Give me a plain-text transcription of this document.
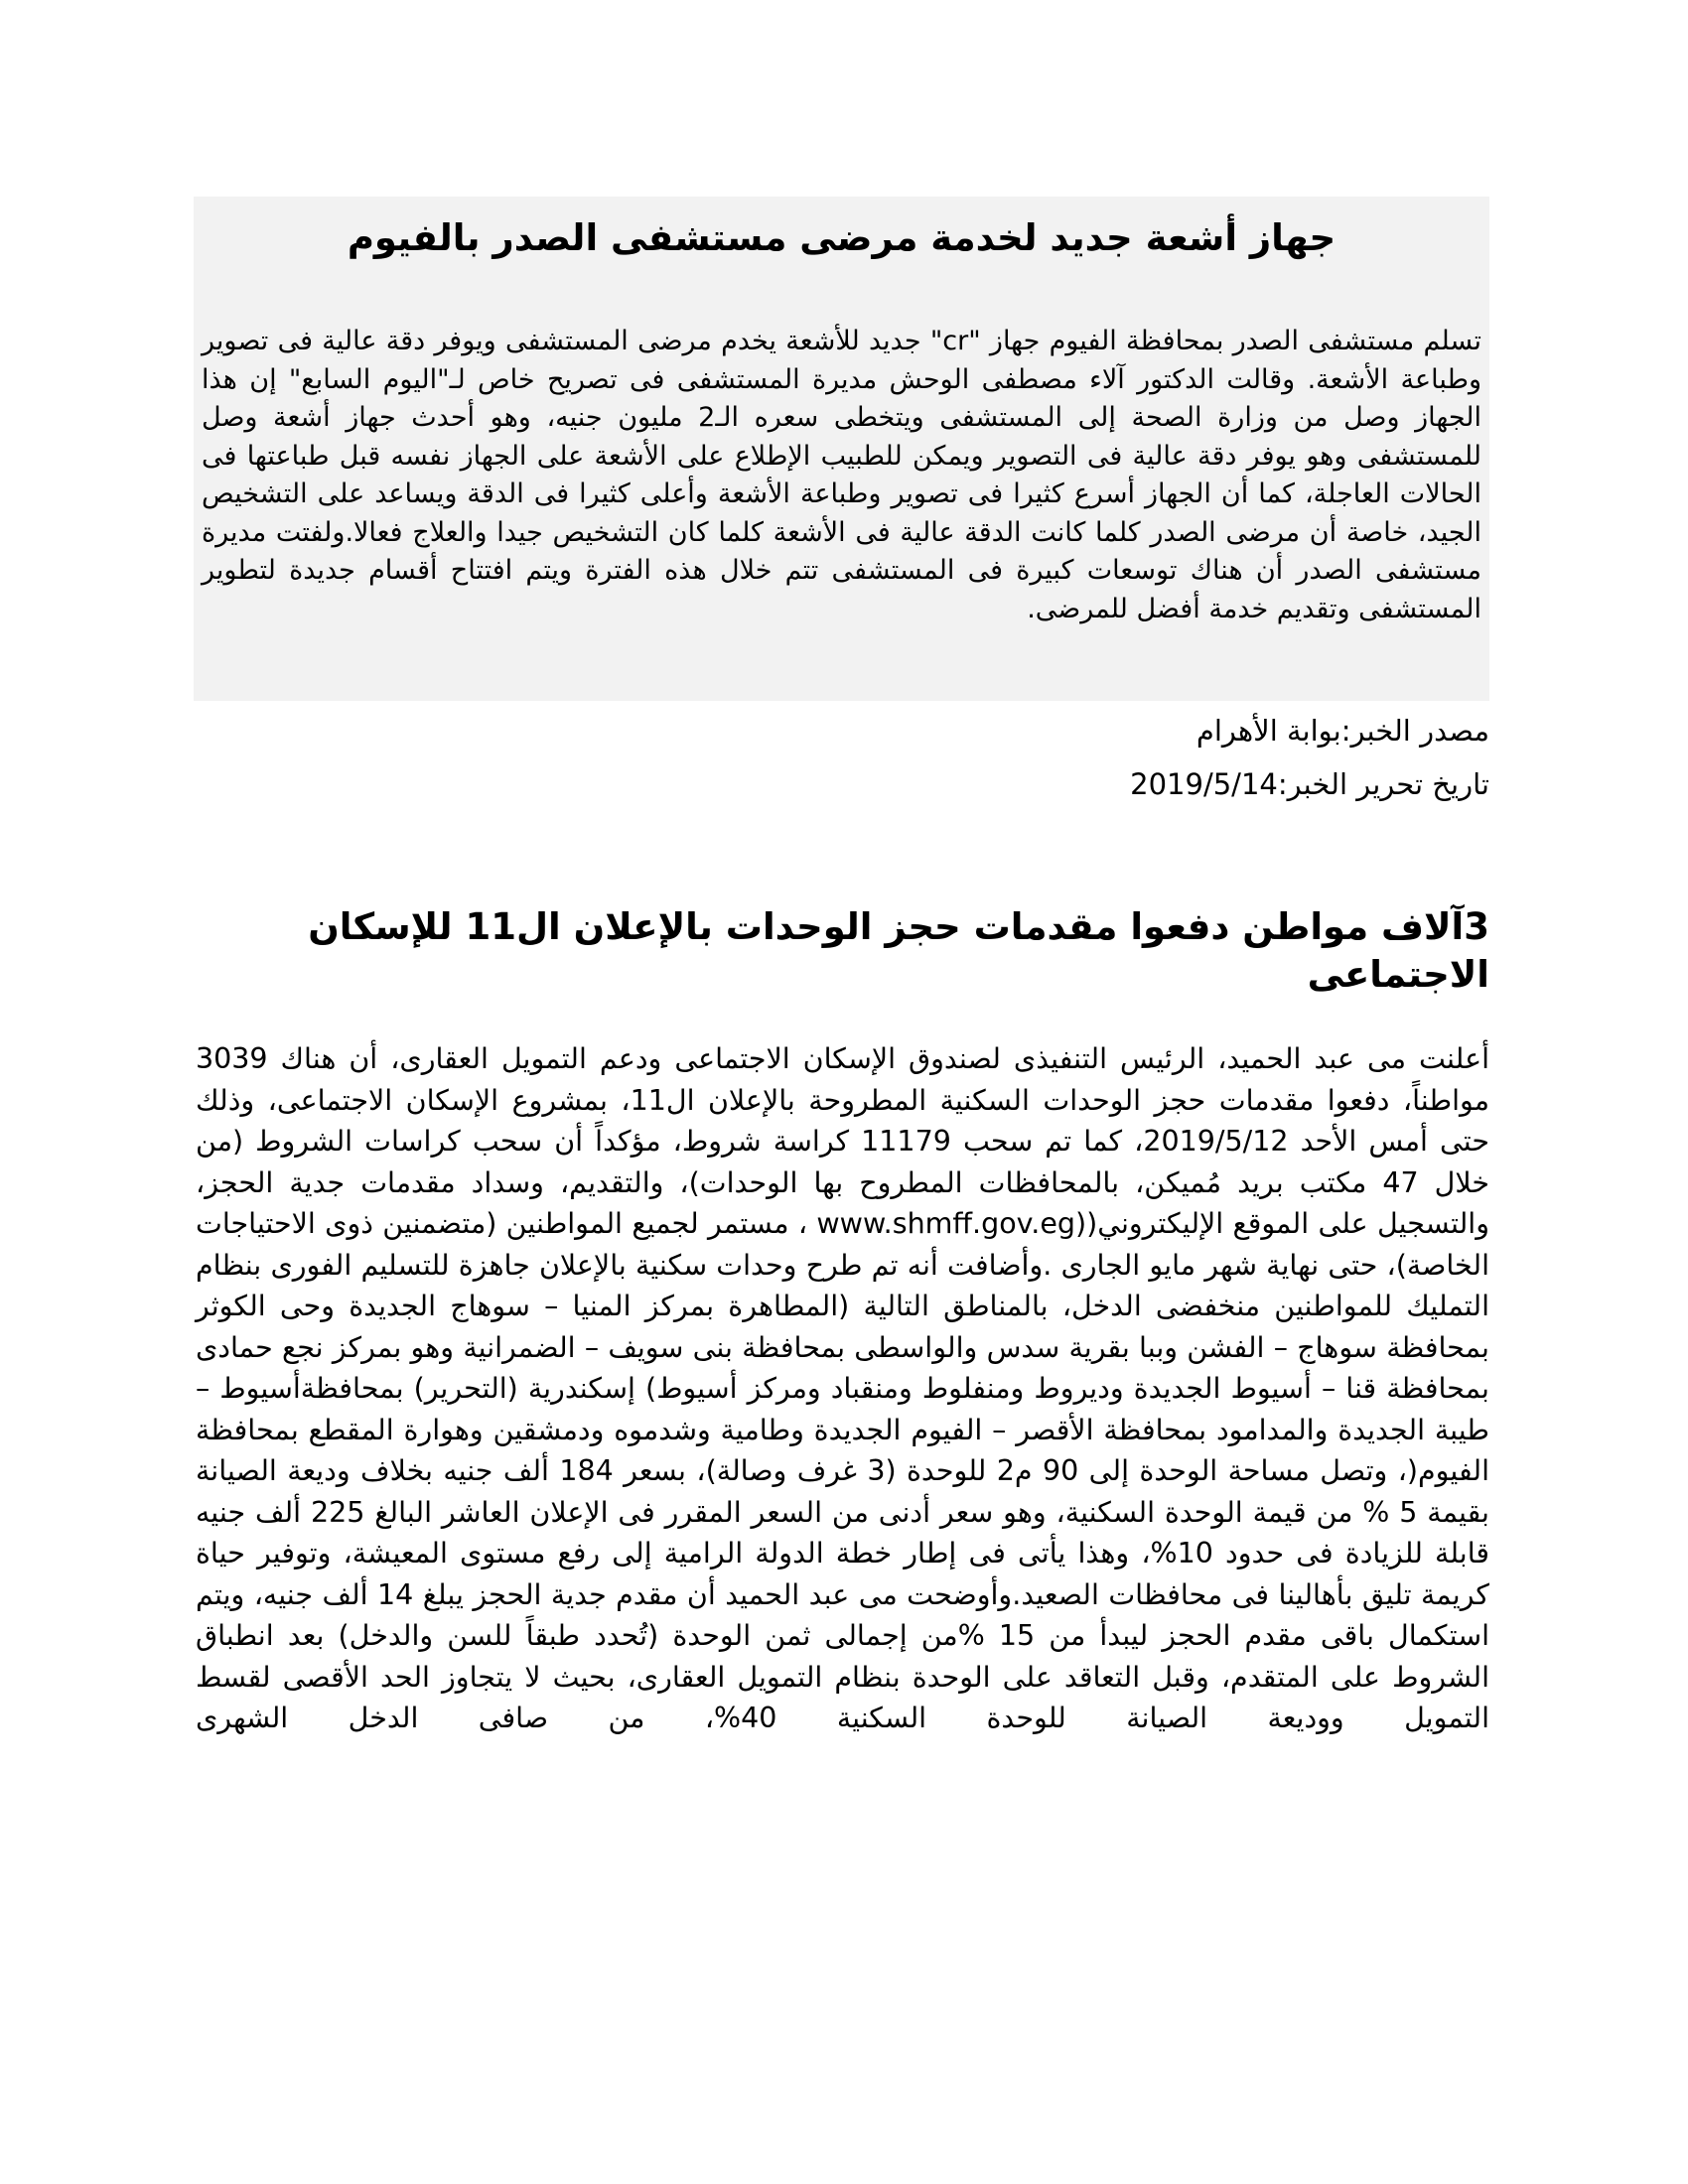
جهاز أشعة جديد لخدمة مرضى مستشفى الصدر بالفيوم

تسلم مستشفى الصدر بمحافظة الفيوم جهاز "cr" جديد للأشعة يخدم مرضى المستشفى ويوفر دقة عالية فى تصوير وطباعة الأشعة. وقالت الدكتور آلاء مصطفى الوحش مديرة المستشفى فى تصريح خاص لـ"اليوم السابع" إن هذا الجهاز وصل من وزارة الصحة إلى المستشفى ويتخطى سعره الـ2 مليون جنيه، وهو أحدث جهاز أشعة وصل للمستشفى وهو يوفر دقة عالية فى التصوير ويمكن للطبيب الإطلاع على الأشعة على الجهاز نفسه قبل طباعتها فى الحالات العاجلة، كما أن الجهاز أسرع كثيرا فى تصوير وطباعة الأشعة وأعلى كثيرا فى الدقة ويساعد على التشخيص الجيد، خاصة أن مرضى الصدر كلما كانت الدقة عالية فى الأشعة كلما كان التشخيص جيدا والعلاج فعالا.ولفتت مديرة مستشفى الصدر أن هناك توسعات كبيرة فى المستشفى تتم خلال هذه الفترة ويتم افتتاح أقسام جديدة لتطوير المستشفى وتقديم خدمة أفضل للمرضى.

مصدر الخبر:بوابة الأهرام
تاريخ تحرير الخبر:2019/5/14
3آلاف مواطن دفعوا مقدمات حجز الوحدات بالإعلان ال11 للإسكان الاجتماعى

أعلنت مى عبد الحميد، الرئيس التنفيذى لصندوق الإسكان الاجتماعى ودعم التمويل العقارى، أن هناك 3039 مواطناً، دفعوا مقدمات حجز الوحدات السكنية المطروحة بالإعلان ال11، بمشروع الإسكان الاجتماعى، وذلك حتى أمس الأحد 2019/5/12، كما تم سحب 11179 كراسة شروط، مؤكداً أن سحب كراسات الشروط (من خلال 47 مكتب بريد مُميكن، بالمحافظات المطروح بها الوحدات)، والتقديم، وسداد مقدمات جدية الحجز، والتسجيل على الموقع الإليكتروني((www.shmff.gov.eg ، مستمر لجميع المواطنين (متضمنين ذوى الاحتياجات الخاصة)، حتى نهاية شهر مايو الجارى .وأضافت أنه تم طرح وحدات سكنية بالإعلان جاهزة للتسليم الفورى بنظام التمليك للمواطنين منخفضى الدخل، بالمناطق التالية (المطاهرة بمركز المنيا – سوهاج الجديدة وحى الكوثر بمحافظة سوهاج – الفشن وببا بقرية سدس والواسطى بمحافظة بنى سويف – الضمرانية وهو بمركز نجع حمادى بمحافظة قنا – أسيوط الجديدة وديروط ومنفلوط ومنقباد ومركز أسيوط) إسكندرية (التحرير) بمحافظةأسيوط – طيبة الجديدة والمدامود بمحافظة الأقصر – الفيوم الجديدة وطامية وشدموه ودمشقين وهوارة المقطع بمحافظة الفيوم(، وتصل مساحة الوحدة إلى 90 م2 للوحدة (3 غرف وصالة)، بسعر 184 ألف جنيه بخلاف وديعة الصيانة بقيمة 5 % من قيمة الوحدة السكنية، وهو سعر أدنى من السعر المقرر فى الإعلان العاشر البالغ 225 ألف جنيه قابلة للزيادة فى حدود 10%، وهذا يأتى فى إطار خطة الدولة الرامية إلى رفع مستوى المعيشة، وتوفير حياة كريمة تليق بأهالينا فى محافظات الصعيد.وأوضحت مى عبد الحميد أن مقدم جدية الحجز يبلغ 14 ألف جنيه، ويتم استكمال باقى مقدم الحجز ليبدأ من 15 %من إجمالى ثمن الوحدة (تُحدد طبقاً للسن والدخل) بعد انطباق الشروط على المتقدم، وقبل التعاقد على الوحدة بنظام التمويل العقارى، بحيث لا يتجاوز الحد الأقصى لقسط التمويل ووديعة الصيانة للوحدة السكنية 40%، من صافى الدخل الشهرى
